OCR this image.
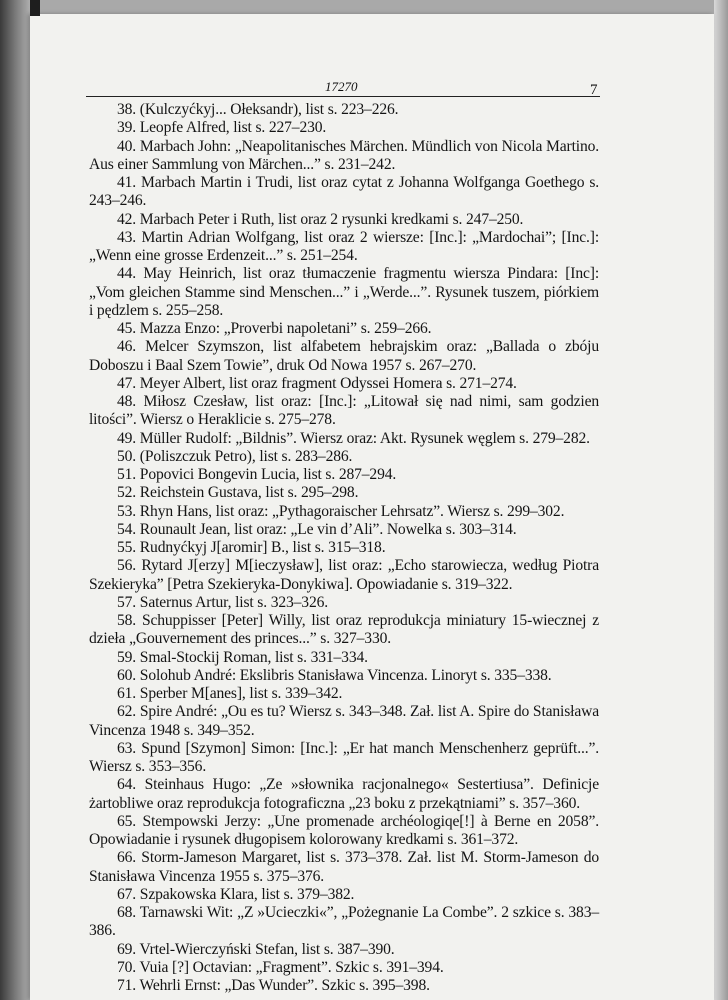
17270	7
38. (Kulczyćkyj... Ołeksandr), list s. 223–226.
39. Leopfe Alfred, list s. 227–230.
40. Marbach John: „Neapolitanisches Märchen. Mündlich von Nicola Martino. Aus einer Sammlung von Märchen...” s. 231–242.
41. Marbach Martin i Trudi, list oraz cytat z Johanna Wolfganga Goethego s. 243–246.
42. Marbach Peter i Ruth, list oraz 2 rysunki kredkami s. 247–250.
43. Martin Adrian Wolfgang, list oraz 2 wiersze: [Inc.]: „Mardochai”; [Inc.]: „Wenn eine grosse Erdenzeit...” s. 251–254.
44. May Heinrich, list oraz tłumaczenie fragmentu wiersza Pindara: [Inc]: „Vom gleichen Stamme sind Menschen...” i „Werde...”. Rysunek tuszem, piórkiem i pędzlem s. 255–258.
45. Mazza Enzo: „Proverbi napoletani” s. 259–266.
46. Melcer Szymszon, list alfabetem hebrajskim oraz: „Ballada o zbóju Doboszu i Baal Szem Towie”, druk Od Nowa 1957 s. 267–270.
47. Meyer Albert, list oraz fragment Odyssei Homera s. 271–274.
48. Miłosz Czesław, list oraz: [Inc.]: „Litował się nad nimi, sam godzien litości”. Wiersz o Heraklicie s. 275–278.
49. Müller Rudolf: „Bildnis”. Wiersz oraz: Akt. Rysunek węglem s. 279–282.
50. (Poliszczuk Petro), list s. 283–286.
51. Popovici Bongevin Lucia, list s. 287–294.
52. Reichstein Gustava, list s. 295–298.
53. Rhyn Hans, list oraz: „Pythagoraischer Lehrsatz”. Wiersz s. 299–302.
54. Rounault Jean, list oraz: „Le vin d’Ali”. Nowelka s. 303–314.
55. Rudnyćkyj J[aromir] B., list s. 315–318.
56. Rytard J[erzy] M[ieczysław], list oraz: „Echo starowiecza, według Piotra Szekieryka” [Petra Szekieryka-Donykiwa]. Opowiadanie s. 319–322.
57. Saternus Artur, list s. 323–326.
58. Schuppisser [Peter] Willy, list oraz reprodukcja miniatury 15-wiecznej z dzieła „Gouvernement des princes...” s. 327–330.
59. Smal-Stockij Roman, list s. 331–334.
60. Solohub André: Ekslibris Stanisława Vincenza. Linoryt s. 335–338.
61. Sperber M[anes], list s. 339–342.
62. Spire André: „Ou es tu? Wiersz s. 343–348. Zał. list A. Spire do Stanisława Vincenza 1948 s. 349–352.
63. Spund [Szymon] Simon: [Inc.]: „Er hat manch Menschenherz geprüft...”. Wiersz s. 353–356.
64. Steinhaus Hugo: „Ze »słownika racjonalnego« Sestertiusa”. Definicje żartobliwe oraz reprodukcja fotograficzna „23 boku z przekątniami” s. 357–360.
65. Stempowski Jerzy: „Une promenade archéologiqe[!] à Berne en 2058”. Opowiadanie i rysunek długopisem kolorowany kredkami s. 361–372.
66. Storm-Jameson Margaret, list s. 373–378. Zał. list M. Storm-Jameson do Stanisława Vincenza 1955 s. 375–376.
67. Szpakowska Klara, list s. 379–382.
68. Tarnawski Wit: „Z »Ucieczki«”, „Pożegnanie La Combe”. 2 szkice s. 383–386.
69. Vrtel-Wierczyński Stefan, list s. 387–390.
70. Vuia [?] Octavian: „Fragment”. Szkic s. 391–394.
71. Wehrli Ernst: „Das Wunder”. Szkic s. 395–398.
